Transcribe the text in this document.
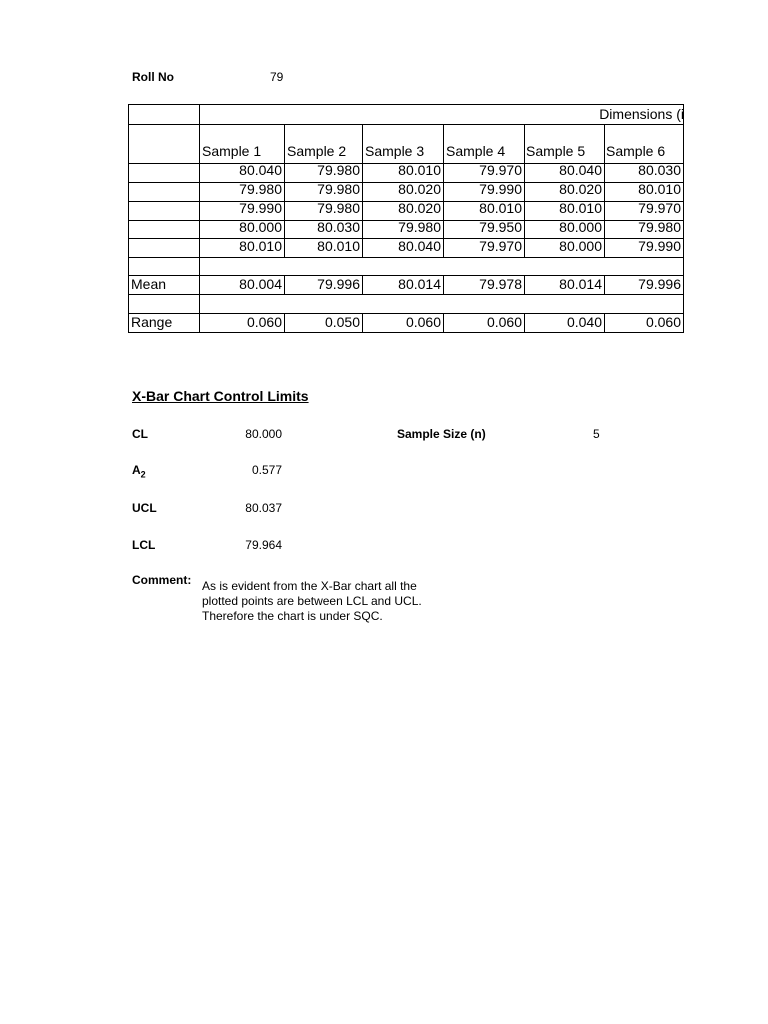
Roll No	79
Dimensions (i
Sample 1 Sample 2 Sample 3 Sample 4 Sample 5 Sample 6
80.040	79.980	80.010	79.970	80.040	80.030
79.980	79.980	80.020	79.990	80.020	80.010
79.990	79.980	80.020	80.010	80.010	79.970
80.000	80.030	79.980	79.950	80.000	79.980
80.010	80.010	80.040	79.970	80.000	79.990
Mean	80.004	79.996	80.014	79.978	80.014	79.996
Range	0.060	0.050	0.060	0.060	0.040	0.060
X-Bar Chart Control Limits
CL	80.000	Sample Size (n)	5
$A_2$	0.577
UCL	80.037
LCL	79.964
Comment: As is evident from the X-Bar chart all the
plotted points are between LCL and UCL.
Therefore the chart is under SQC.
